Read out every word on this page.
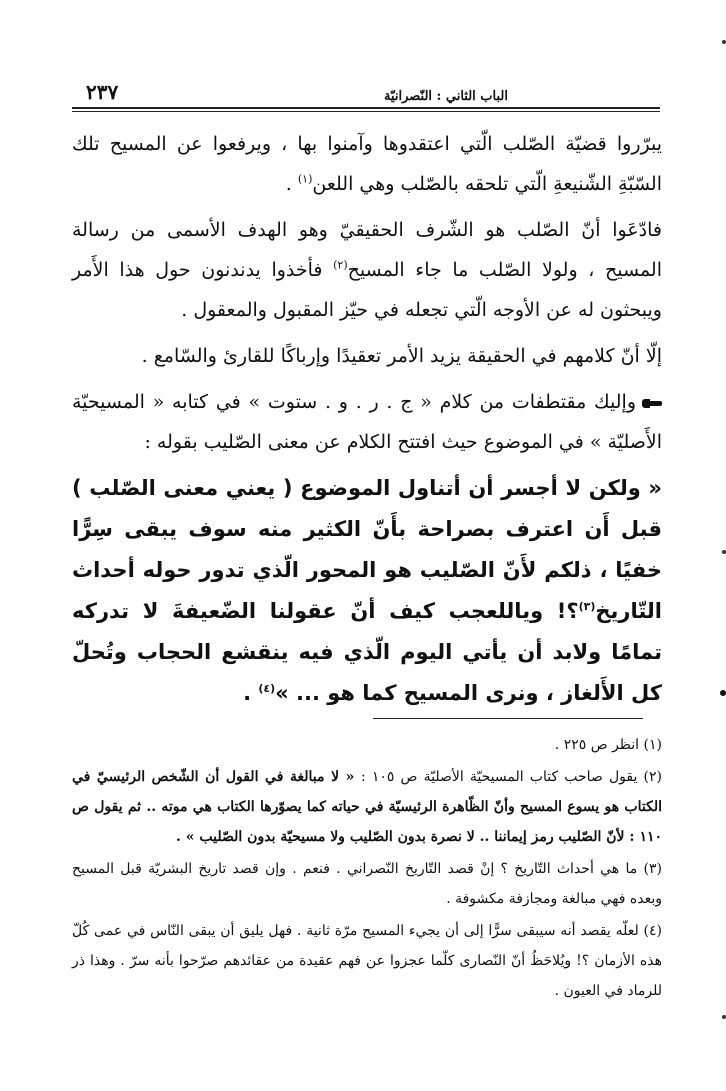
الباب الثاني : النّصرانيّة
٢٣٧

يبرّروا قضيّة الصّلب الّتي اعتقدوها وآمنوا بها ، ويرفعوا عن المسيح تلك السّبّةِ الشّنيعةِ الّتي تلحقه بالصّلب وهي اللعن$^{(١)}$ .

فادّعَوا أنّ الصّلب هو الشّرف الحقيقيّ وهو الهدف الأسمى من رسالة المسيح ، ولولا الصّلب ما جاء المسيح$^{(٢)}$ فأخذوا يدندنون حول هذا الأَمر ويبحثون له عن الأوجه الّتي تجعله في حيّز المقبول والمعقول .

إلّا أنّ كلامهم في الحقيقة يزيد الأمر تعقيدًا وإرباكًا للقارئ والسّامع .

وإليك مقتطفات من كلام « ج . ر . و . ستوت » في كتابه « المسيحيّة الأَصليّة » في الموضوع حيث افتتح الكلام عن معنى الصّليب بقوله :

« ولكن لا أجسر أن أتناول الموضوع ( يعني معنى الصّلب ) قبل أَن اعترف بصراحة بأَنّ الكثير منه سوف يبقى سِرًّا خفيًا ، ذلكم لأَنّ الصّليب هو المحور الّذي تدور حوله أحداث التّاريخ$^{(٣)}$؟! وياللعجب كيف أنّ عقولنا الضّعيفةَ لا تدركه تمامًا ولابد أن يأتي اليوم الّذي فيه ينقشع الحجاب وتُحلّ كل الأَلغاز ، ونرى المسيح كما هو ... »$^{(٤)}$ .

(١) انظر ص ٢٢٥ .

(٢) يقول صاحب كتاب المسيحيّة الأصليّة ص ١٠٥ : « لا مبالغة في القول أن الشّخص الرئيسيّ في الكتاب هو يسوع المسيح وأنّ الظّاهرة الرئيسيّة في حياته كما يصوّرها الكتاب هي موته .. ثم يقول ص ١١٠ : لأنّ الصّليب رمز إيماننا .. لا نصرة بدون الصّليب ولا مسيحيّة بدون الصّليب » .

(٣) ما هي أحداث التّاريخ ؟ إنْ قصد التّاريخ النّصراني . فنعم . وإن قصد تاريخ البشريّة قبل المسيح وبعده فهي مبالغة ومجازفة مكشوفة .

(٤) لعلّه يقصد أنه سيبقى سرًّا إلى أن يجيء المسيح مرّة ثانية . فهل يليق أن يبقى النّاس في عمى كُلّ هذه الأزمان ؟! ويُلاحَظُ أنّ النّصارى كلّما عجزوا عن فهم عقيدة من عقائدهم صرّحوا بأنه سرّ . وهذا ذر للرماد في العيون .
